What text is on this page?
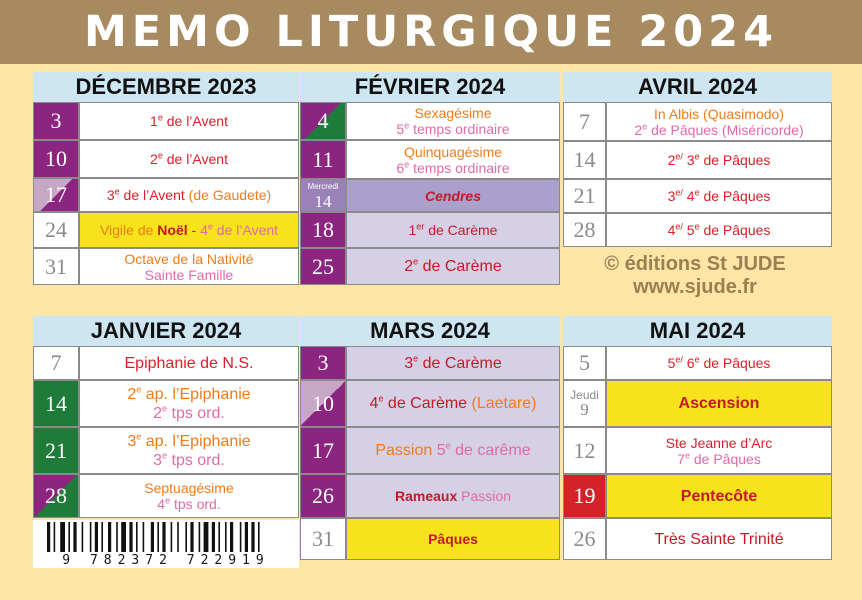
MEMO LITURGIQUE 2024
DÉCEMBRE 2023
3	1e de l’Avent
10	2e de l’Avent
17	3e de l’Avent (de Gaudete)
24	Vigile de Noël - 4e de l’Avent
31	Octave de la Nativité
Sainte Famille
FÉVRIER 2024
4	Sexagésime
5e temps ordinaire
11	Quinquagésime
6e temps ordinaire
Mercredi
14	Cendres
18	1er de Carème
25	2e de Carème
AVRIL 2024
7	In Albis (Quasimodo)
2e de Pâques (Miséricorde)
14	$2^{e/}$ 3e de Pâques
21	$3^{e/}$ 4e de Pâques
28	$4^{e/}$ 5e de Pâques
JANVIER 2024
7	Epiphanie de N.S.
14	2e ap. l’Epiphanie
2e tps ord.
21	3e ap. l’Epiphanie
3e tps ord.
28	Septuagésime
4e tps ord.
MARS 2024
3	3e de Carème
10	4e de Carème (Laetare)
17	Passion 5e de carême
26	Rameaux Passion
31	Pâques
MAI 2024
5	$5^{e/}$ 6e de Pâques
Jeudi
9	Ascension
12	Ste Jeanne d’Arc
7e de Pâques
19	Pentecôte
26	Très Sainte Trinité
© éditions St JUDE
www.sjude.fr
9 782372 722919
